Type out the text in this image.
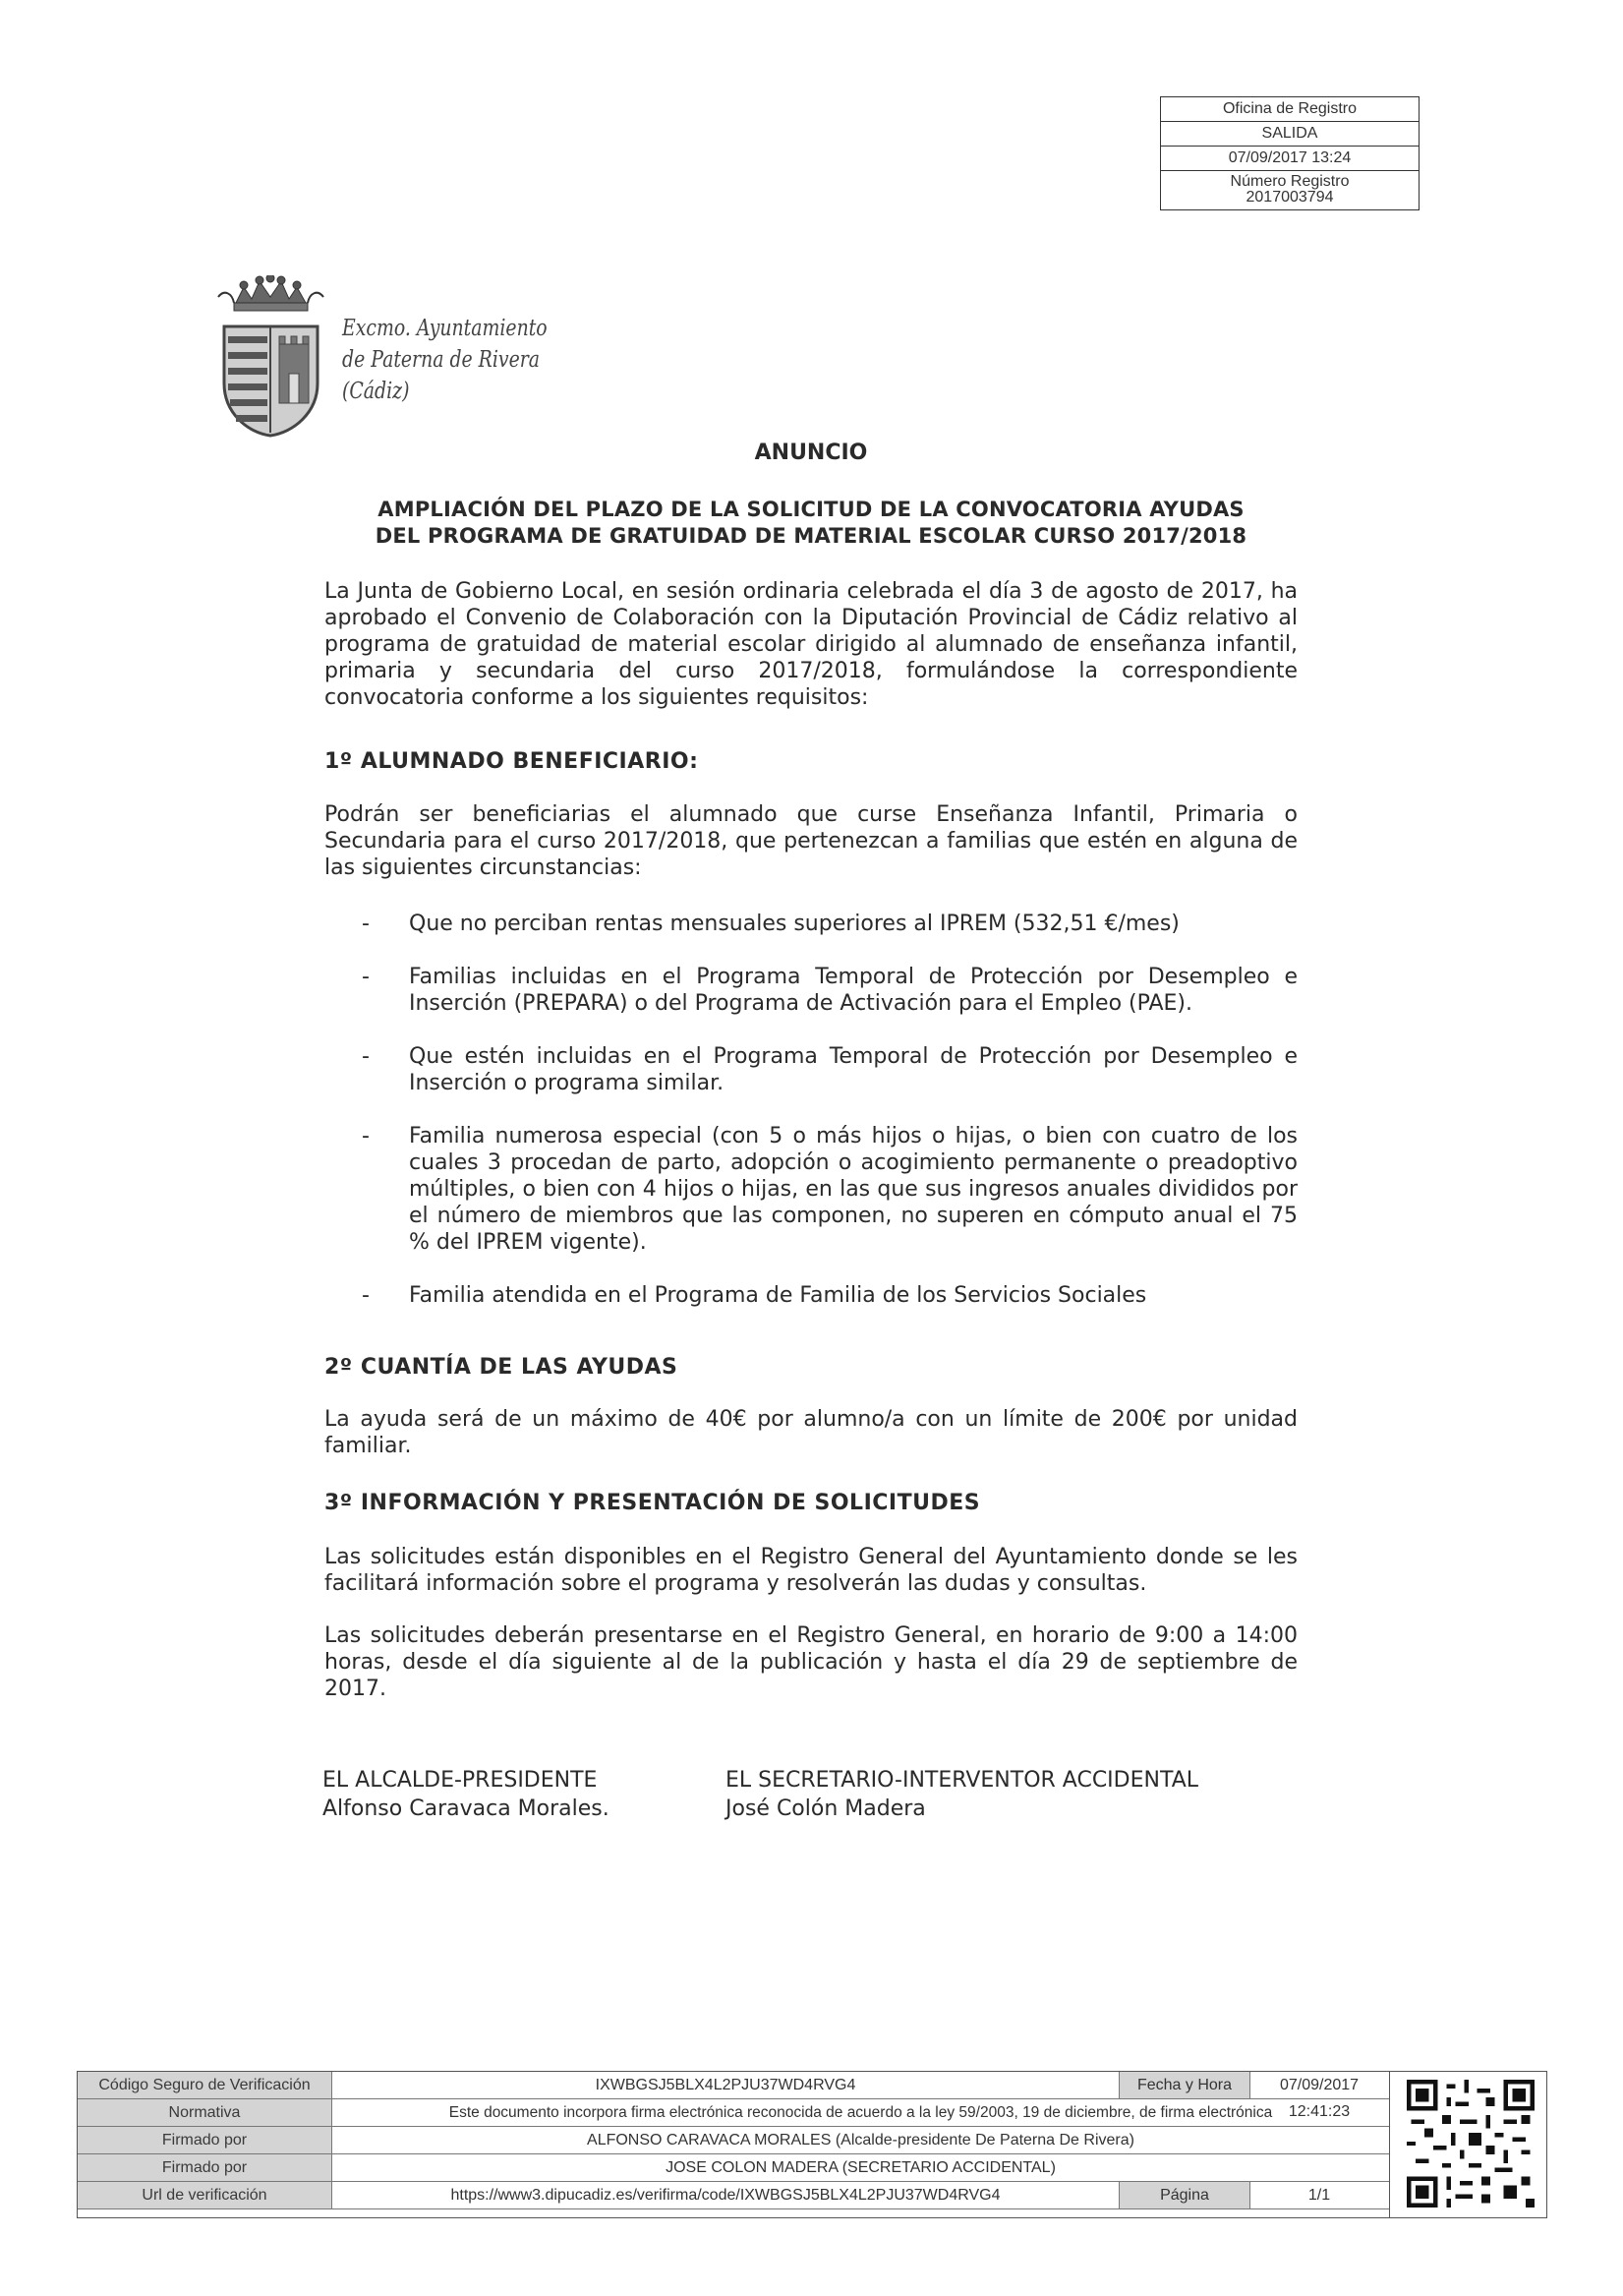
Oficina de Registro
SALIDA
07/09/2017 13:24
Número Registro
2017003794
Excmo. Ayuntamiento
de Paterna de Rivera
(Cádiz)
ANUNCIO
AMPLIACIÓN DEL PLAZO DE LA SOLICITUD DE LA CONVOCATORIA AYUDAS
DEL PROGRAMA DE GRATUIDAD DE MATERIAL ESCOLAR CURSO 2017/2018

La Junta de Gobierno Local, en sesión ordinaria celebrada el día 3 de agosto de 2017, ha aprobado el Convenio de Colaboración con la Diputación Provincial de Cádiz relativo al programa de gratuidad de material escolar dirigido al alumnado de enseñanza infantil, primaria y secundaria del curso 2017/2018, formulándose la correspondiente convocatoria conforme a los siguientes requisitos:

1º ALUMNADO BENEFICIARIO:

Podrán ser beneficiarias el alumnado que curse Enseñanza Infantil, Primaria o Secundaria para el curso 2017/2018, que pertenezcan a familias que estén en alguna de las siguientes circunstancias:

- Que no perciban rentas mensuales superiores al IPREM (532,51 €/mes)
- Familias incluidas en el Programa Temporal de Protección por Desempleo e Inserción (PREPARA) o del Programa de Activación para el Empleo (PAE).
- Que estén incluidas en el Programa Temporal de Protección por Desempleo e Inserción o programa similar.
- Familia numerosa especial (con 5 o más hijos o hijas, o bien con cuatro de los cuales 3 procedan de parto, adopción o acogimiento permanente o preadoptivo múltiples, o bien con 4 hijos o hijas, en las que sus ingresos anuales divididos por el número de miembros que las componen, no superen en cómputo anual el 75 % del IPREM vigente).
- Familia atendida en el Programa de Familia de los Servicios Sociales
2º CUANTÍA DE LAS AYUDAS

La ayuda será de un máximo de 40€ por alumno/a con un límite de 200€ por unidad familiar.

3º INFORMACIÓN Y PRESENTACIÓN DE SOLICITUDES

Las solicitudes están disponibles en el Registro General del Ayuntamiento donde se les facilitará información sobre el programa y resolverán las dudas y consultas.

Las solicitudes deberán presentarse en el Registro General, en horario de 9:00 a 14:00 horas, desde el día siguiente al de la publicación y hasta el día 29 de septiembre de 2017.

EL ALCALDE-PRESIDENTE
Alfonso Caravaca Morales.
EL SECRETARIO-INTERVENTOR ACCIDENTAL
José Colón Madera
Código Seguro de Verificación	IXWBGSJ5BLX4L2PJU37WD4RVG4	Fecha y Hora	07/09/2017 12:41:23
Normativa	Este documento incorpora firma electrónica reconocida de acuerdo a la ley 59/2003, 19 de diciembre, de firma electrónica
Firmado por	ALFONSO CARAVACA MORALES (Alcalde-presidente De Paterna De Rivera)
Firmado por	JOSE COLON MADERA (SECRETARIO ACCIDENTAL)
Url de verificación	https://www3.dipucadiz.es/verifirma/code/IXWBGSJ5BLX4L2PJU37WD4RVG4	Página	1/1
